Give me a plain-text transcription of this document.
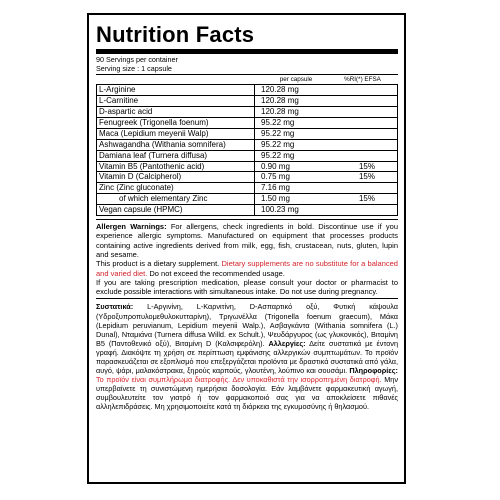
Nutrition Facts
90 Servings per container
Serving size : 1 capsule
per capsule	%RI(*) EFSA
L-Arginine	120.28 mg	
L-Carnitine	120.28 mg	
D-aspartic acid	120.28 mg	
Fenugreek (Trigonella foenum)	95.22 mg	
Maca (Lepidium meyenii Walp)	95.22 mg	
Ashwagandha (Withania somnifera)	95.22 mg	
Damiana leaf (Turnera diffusa)	95.22 mg	
Vitamin B5 (Pantothenic acid)	0.90 mg	15%
Vitamin D (Calcipherol)	0.75 mg	15%
Zinc (Zinc gluconate)	7.16 mg	
of which elementary Zinc	1.50 mg	15%
Vegan capsule (HPMC)	100.23 mg	

Allergen Warnings: For allergens, check ingredients in bold. Discontinue use if you experience allergic symptoms. Manufactured on equipment that processes products containing active ingredients derived from milk, egg, fish, crustacean, nuts, gluten, lupin and sesame.

This product is a dietary supplement. Dietary supplements are no substitute for a balanced and varied diet. Do not exceed the recommended usage.

If you are taking prescription medication, please consult your doctor or pharmacist to exclude possible interactions with simultaneous intake. Do not use during pregnancy.

Συστατικά: L-Αργινίνη, L-Καρνιτίνη, D-Ασπαρτικό οξύ, Φυτική κάψουλα (Υδροξυπροπυλομεθυλοκυτταρίνη), Τριγωνέλλα (Trigonella foenum graecum), Μάκα (Lepidium peruvianum, Lepidium meyenii Walp.), Ασβαγκάντα (Withania somnifera (L.) Dunal), Νταμιάνα (Turnera diffusa Willd. ex Schult.), Ψευδάργυρος (ως γλυκονικός), Βιταμίνη Β5 (Παντοθενικό οξύ), Βιταμίνη D (Καλσιφερόλη). Αλλεργίες: Δείτε συστατικά με έντονη γραφή. Διακόψτε τη χρήση σε περίπτωση εμφάνισης αλλεργικών συμπτωμάτων. Το προϊόν παρασκευάζεται σε εξοπλισμό που επεξεργάζεται προϊόντα με δραστικά συστατικά από γάλα, αυγό, ψάρι, μαλακόστρακα, ξηρούς καρπούς, γλουτένη, λούπινο και σουσάμι. Πληροφορίες: Το προϊόν είναι συμπλήρωμα διατροφής. Δεν υποκαθιστά την ισορροπημένη διατροφή. Μην υπερβαίνετε τη συνιστώμενη ημερήσια δοσολογία. Εάν λαμβάνετε φαρμακευτική αγωγή, συμβουλευτείτε τον γιατρό ή τον φαρμακοποιό σας για να αποκλείσετε πιθανές αλληλεπιδράσεις. Μη χρησιμοποιείτε κατά τη διάρκεια της εγκυμοσύνης ή θηλασμού.
